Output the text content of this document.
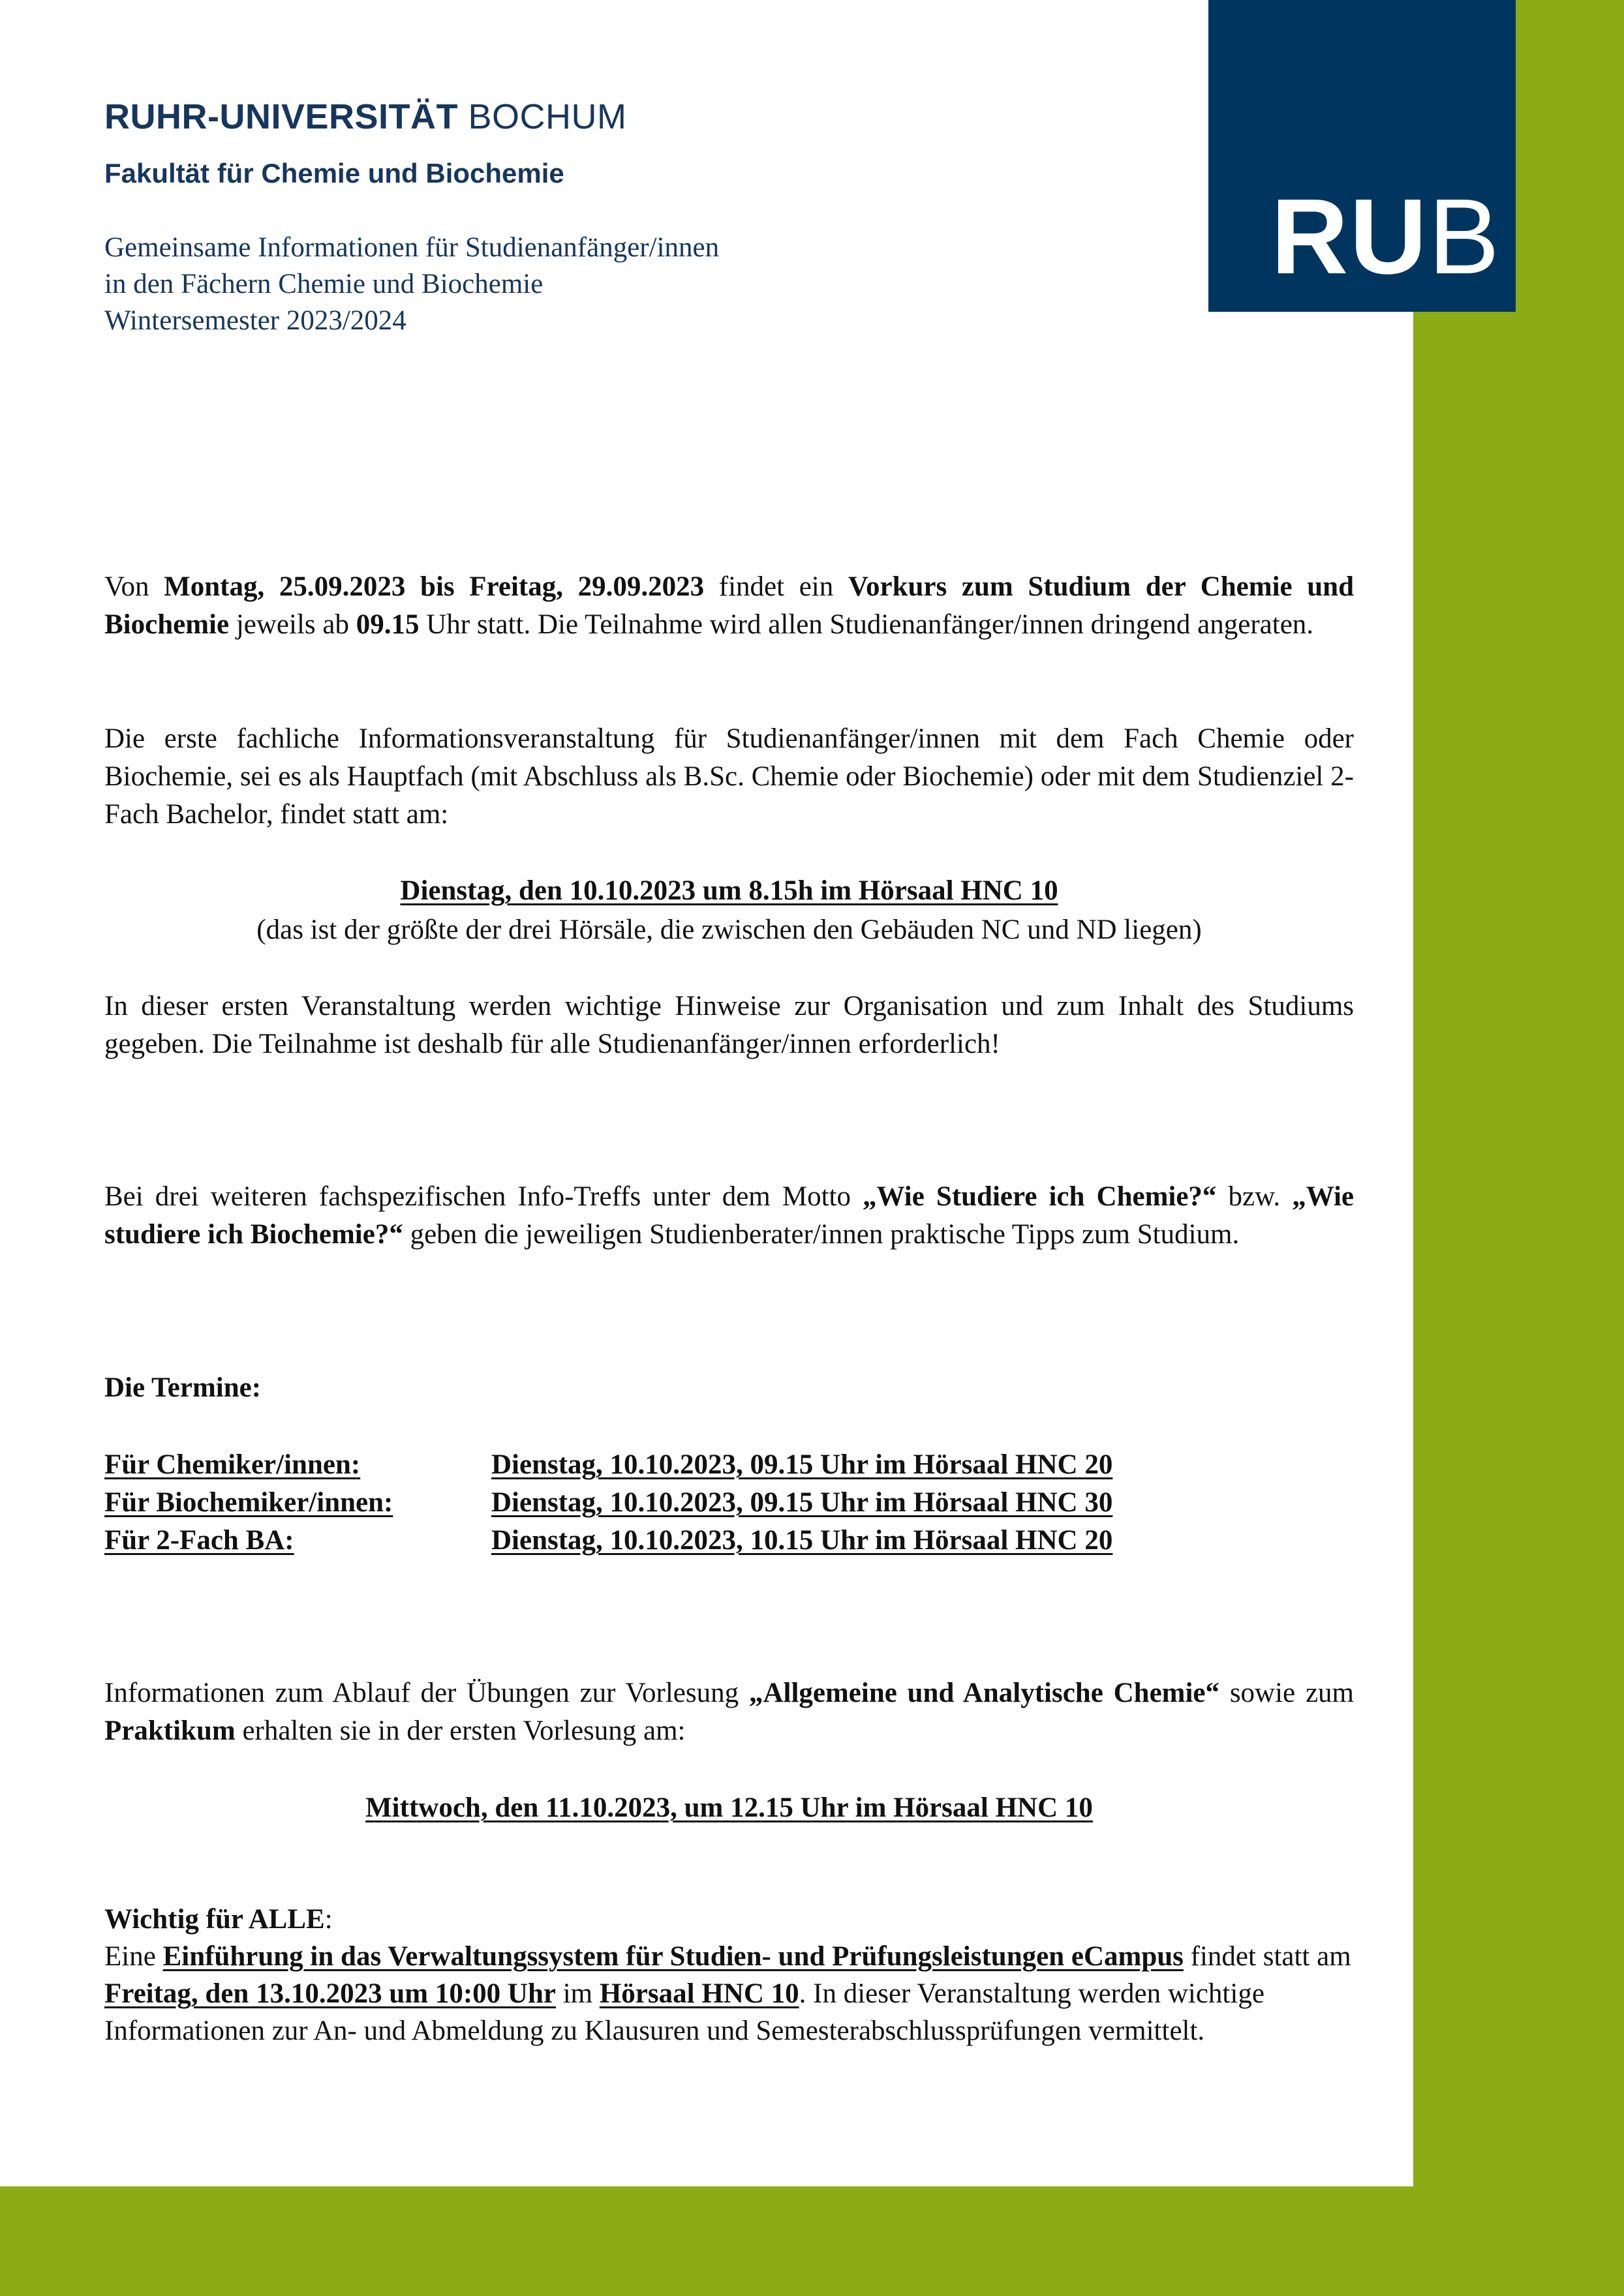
RUB
RUHR-UNIVERSITÄT BOCHUM
Fakultät für Chemie und Biochemie
Gemeinsame Informationen für Studienanfänger/innen
in den Fächern Chemie und Biochemie
Wintersemester 2023/2024
Von Montag, 25.09.2023 bis Freitag, 29.09.2023 findet ein Vorkurs zum Studium der Chemie und Biochemie jeweils ab 09.15 Uhr statt. Die Teilnahme wird allen Studienanfänger/innen dringend angeraten.
Die erste fachliche Informationsveranstaltung für Studienanfänger/innen mit dem Fach Chemie oder Biochemie, sei es als Hauptfach (mit Abschluss als B.Sc. Chemie oder Biochemie) oder mit dem Studienziel 2-Fach Bachelor, findet statt am:
Dienstag, den 10.10.2023 um 8.15h im Hörsaal HNC 10
(das ist der größte der drei Hörsäle, die zwischen den Gebäuden NC und ND liegen)
In dieser ersten Veranstaltung werden wichtige Hinweise zur Organisation und zum Inhalt des Studiums gegeben. Die Teilnahme ist deshalb für alle Studienanfänger/innen erforderlich!
Bei drei weiteren fachspezifischen Info-Treffs unter dem Motto „Wie Studiere ich Chemie?“ bzw. „Wie studiere ich Biochemie?“ geben die jeweiligen Studienberater/innen praktische Tipps zum Studium.
Die Termine:
Für Chemiker/innen:	Dienstag, 10.10.2023, 09.15 Uhr im Hörsaal HNC 20
Für Biochemiker/innen:	Dienstag, 10.10.2023, 09.15 Uhr im Hörsaal HNC 30
Für 2-Fach BA:	Dienstag, 10.10.2023, 10.15 Uhr im Hörsaal HNC 20
Informationen zum Ablauf der Übungen zur Vorlesung „Allgemeine und Analytische Chemie“ sowie zum Praktikum erhalten sie in der ersten Vorlesung am:
Mittwoch, den 11.10.2023, um 12.15 Uhr im Hörsaal HNC 10
Wichtig für ALLE:
Eine Einführung in das Verwaltungssystem für Studien- und Prüfungsleistungen eCampus findet statt am Freitag, den 13.10.2023 um 10:00 Uhr im Hörsaal HNC 10. In dieser Veranstaltung werden wichtige Informationen zur An- und Abmeldung zu Klausuren und Semesterabschlussprüfungen vermittelt.
